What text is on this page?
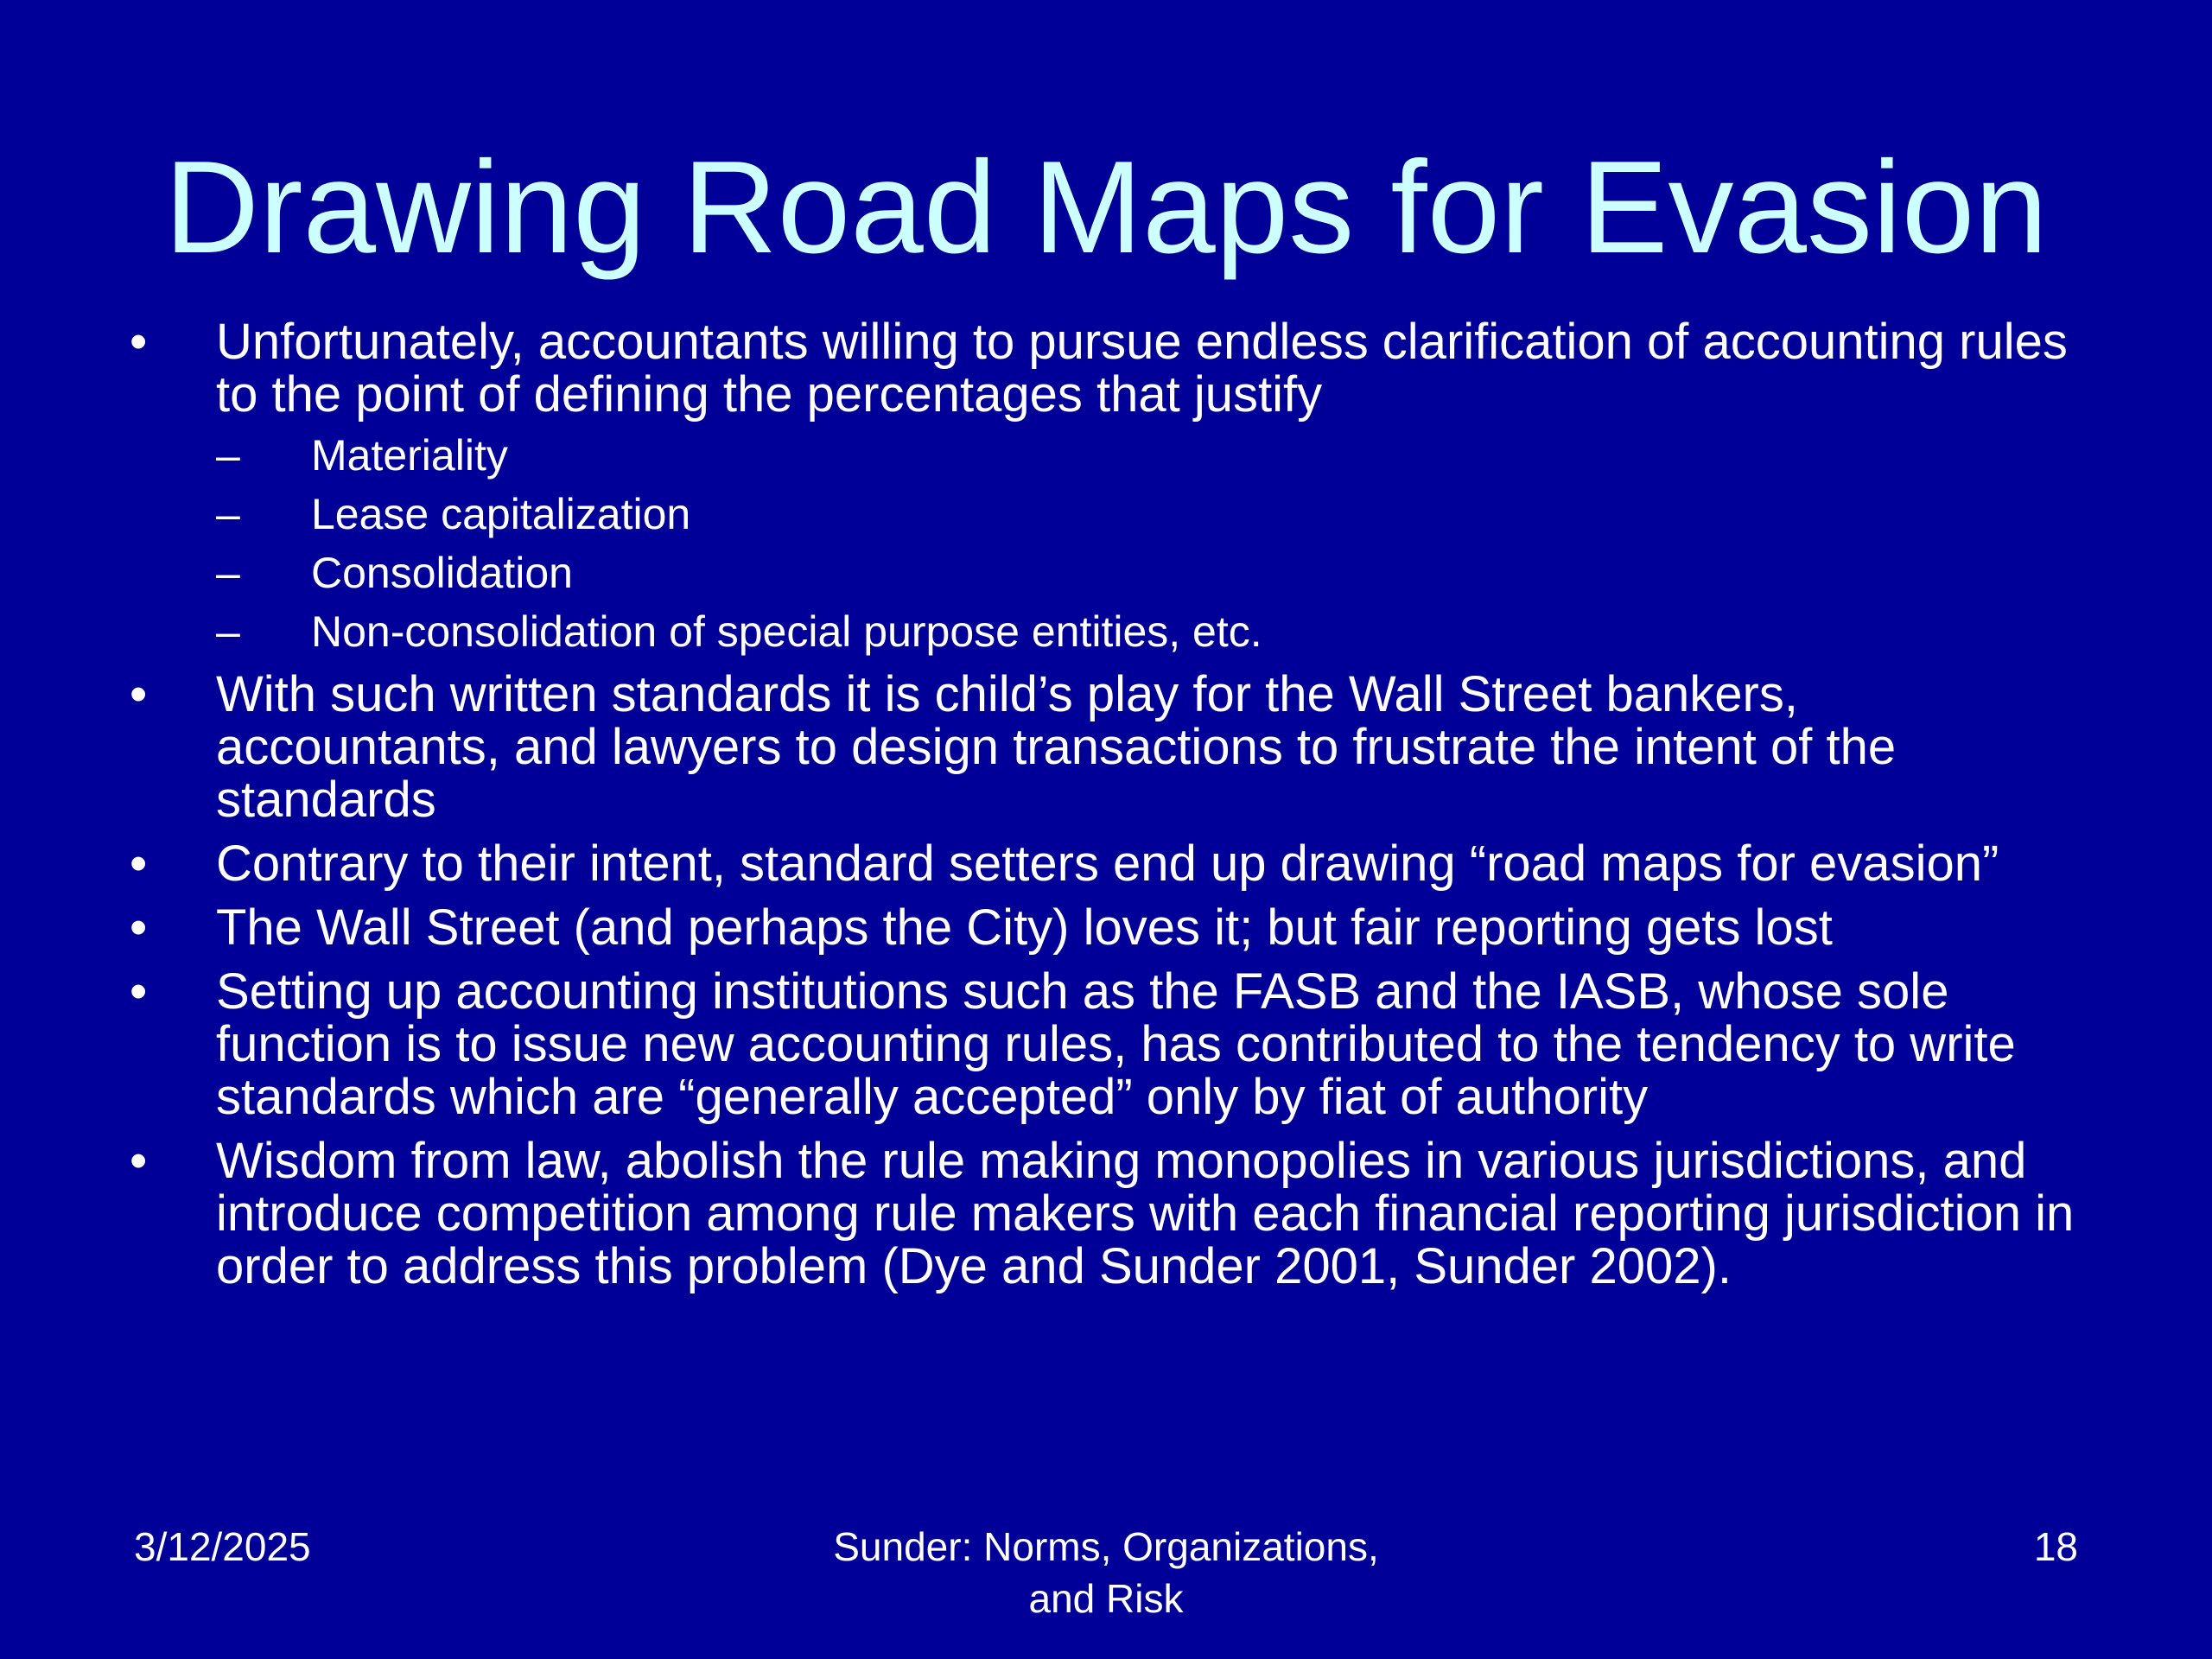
Drawing Road Maps for Evasion
• Unfortunately, accountants willing to pursue endless clarification of accounting rules to the point of defining the percentages that justify
– Materiality
– Lease capitalization
– Consolidation
– Non-consolidation of special purpose entities, etc.
• With such written standards it is child’s play for the Wall Street bankers, accountants, and lawyers to design transactions to frustrate the intent of the standards
• Contrary to their intent, standard setters end up drawing “road maps for evasion”
• The Wall Street (and perhaps the City) loves it; but fair reporting gets lost
• Setting up accounting institutions such as the FASB and the IASB, whose sole function is to issue new accounting rules, has contributed to the tendency to write standards which are “generally accepted” only by fiat of authority
• Wisdom from law, abolish the rule making monopolies in various jurisdictions, and introduce competition among rule makers with each financial reporting jurisdiction in order to address this problem (Dye and Sunder 2001, Sunder 2002).
3/12/2025	Sunder: Norms, Organizations,
and Risk
18
